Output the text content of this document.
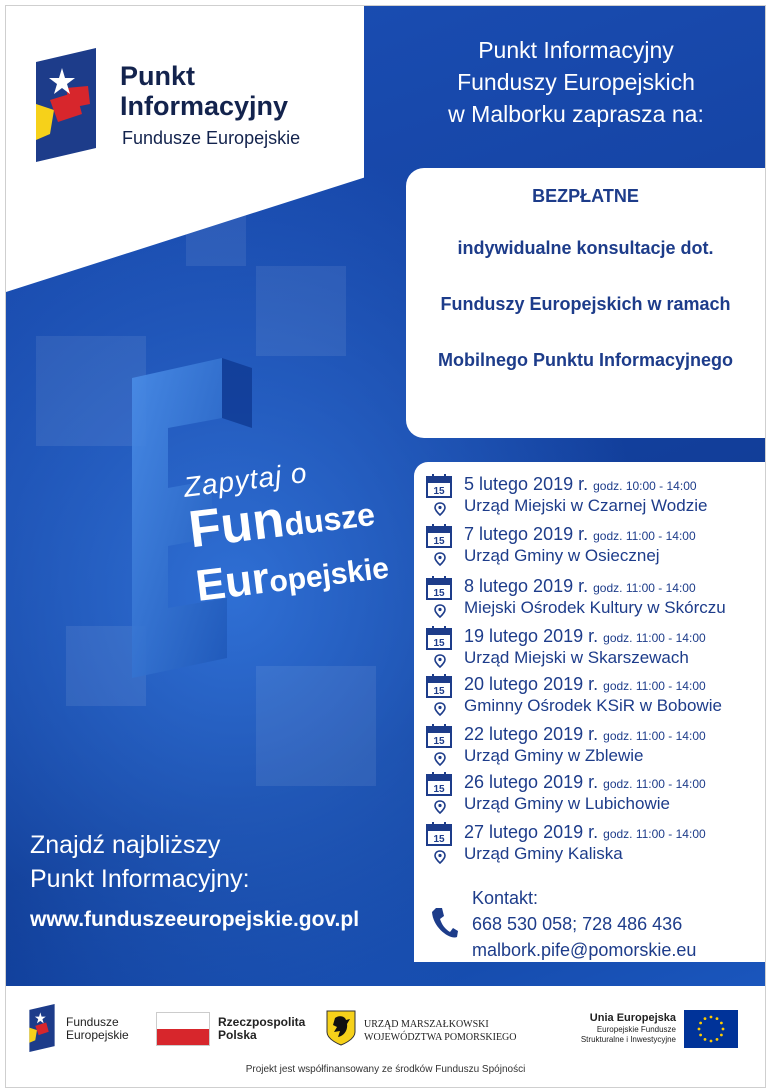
Punkt
Informacyjny
Fundusze Europejskie
Punkt Informacyjny
Funduszy Europejskich
w Malborku zaprasza na:
BEZPŁATNE
indywidualne konsultacje dot.
Funduszy Europejskich w ramach
Mobilnego Punktu Informacyjnego
Zapytaj o
Fundusze
Europejskie
Znajdź najbliższy
Punkt Informacyjny:
www.funduszeeuropejskie.gov.pl
15 5 lutego 2019 r. godz. 10:00 - 14:00
Urząd Miejski w Czarnej Wodzie
15 7 lutego 2019 r. godz. 11:00 - 14:00
Urząd Gminy w Osiecznej
15 8 lutego 2019 r. godz. 11:00 - 14:00
Miejski Ośrodek Kultury w Skórczu
15 19 lutego 2019 r. godz. 11:00 - 14:00
Urząd Miejski w Skarszewach
15 20 lutego 2019 r. godz. 11:00 - 14:00
Gminny Ośrodek KSiR w Bobowie
15 22 lutego 2019 r. godz. 11:00 - 14:00
Urząd Gminy w Zblewie
15 26 lutego 2019 r. godz. 11:00 - 14:00
Urząd Gminy w Lubichowie
15 27 lutego 2019 r. godz. 11:00 - 14:00
Urząd Gminy Kaliska
Kontakt:
668 530 058; 728 486 436
malbork.pife@pomorskie.eu
Fundusze
Europejskie
Rzeczpospolita
Polska
URZĄD MARSZAŁKOWSKI
WOJEWÓDZTWA POMORSKIEGO
Unia Europejska
Europejskie Fundusze
Strukturalne i Inwestycyjne
Projekt jest współfinansowany ze środków Funduszu Spójności
